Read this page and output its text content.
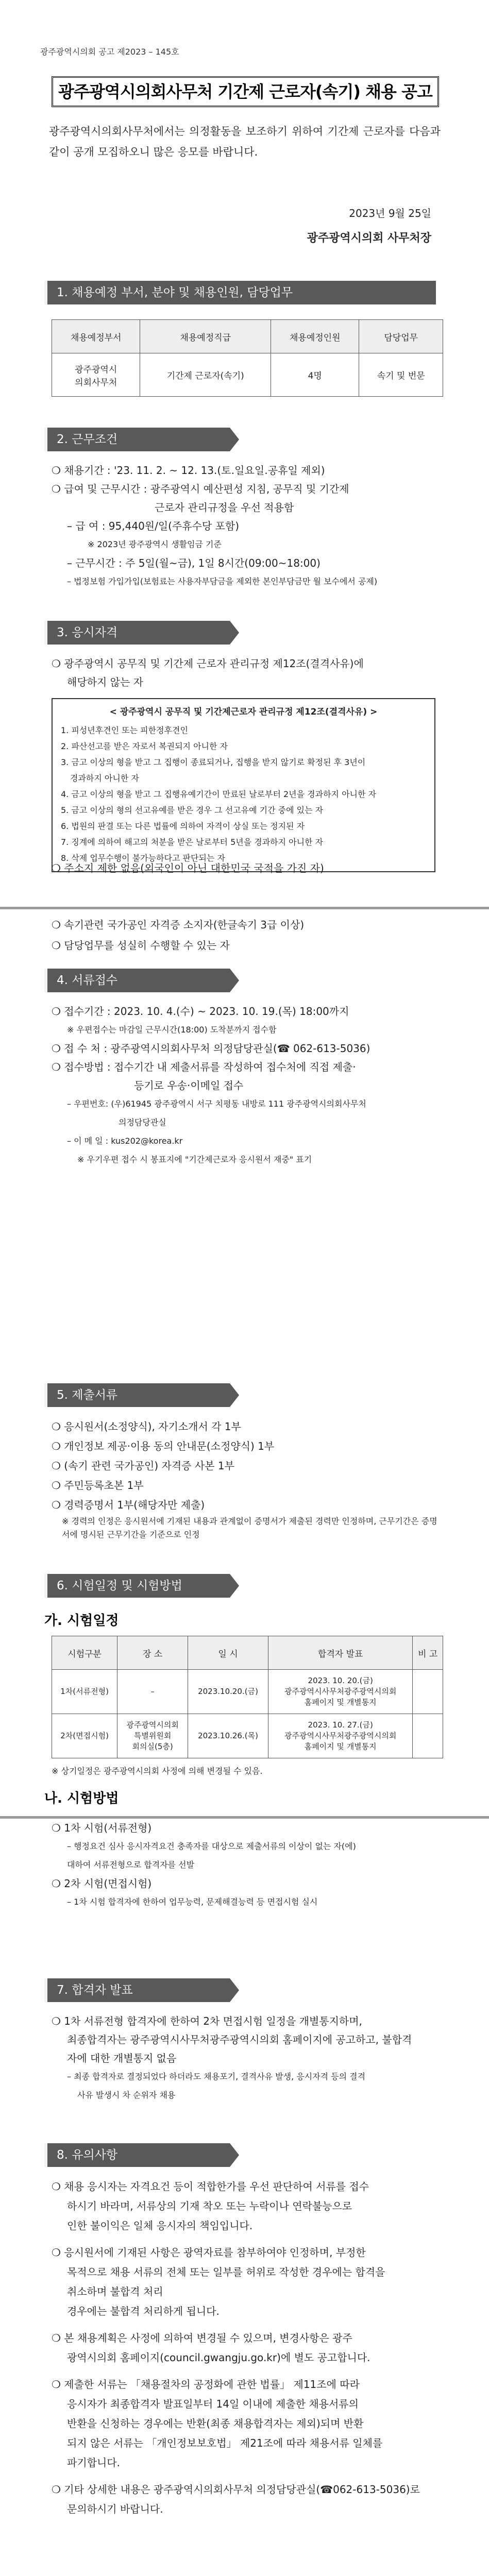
광주광역시의회 공고 제2023 – 145호
광주광역시의회사무처 기간제 근로자(속기) 채용 공고
광주광역시의회사무처에서는 의정활동을 보조하기 위하여 기간제 근로자를 다음과 같이 공개 모집하오니 많은 응모를 바랍니다.
2023년 9월 25일
광주광역시의회 사무처장
1. 채용예정 부서, 분야 및 채용인원, 담당업무
채용예정부서	채용예정직급	채용예정인원	담당업무
광주광역시
의회사무처	기간제 근로자(속기)	4명	속기 및 번문
2. 근무조건

❍ 채용기간 : '23. 11. 2. ~ 12. 13.(토․일요일․공휴일 제외)

❍ 급여 및 근무시간 : 광주광역시 예산편성 지침, 공무직 및 기간제

근로자 관리규정을 우선 적용함

– 급 여 : 95,440원/일(주휴수당 포함)

※ 2023년 광주광역시 생활임금 기준

– 근무시간 : 주 5일(월~금), 1일 8시간(09:00~18:00)

– 법정보험 가입가입(보험료는 사용자부담금을 제외한 본인부담금만 월 보수에서 공제)

3. 응시자격

❍ 광주광역시 공무직 및 기간제 근로자 관리규정 제12조(결격사유)에

해당하지 않는 자

< 광주광역시 공무직 및 기간제근로자 관리규정 제12조(결격사유) >
1. 피성년후견인 또는 피한정후견인
2. 파산선고를 받은 자로서 복권되지 아니한 자
3. 금고 이상의 형을 받고 그 집행이 종료되거나, 집행을 받지 않기로 확정된 후 3년이
경과하지 아니한 자
4. 금고 이상의 형을 받고 그 집행유예기간이 만료된 날로부터 2년을 경과하지 아니한 자
5. 금고 이상의 형의 선고유예를 받은 경우 그 선고유예 기간 중에 있는 자
6. 법원의 판결 또는 다른 법률에 의하여 자격이 상실 또는 정지된 자
7. 징계에 의하여 해고의 처분을 받은 날로부터 5년을 경과하지 아니한 자
8. 삭제 업무수행이 불가능하다고 판단되는 자

❍ 주소지 제한 없음(외국인이 아닌 대한민국 국적을 가진 자)

❍ 속기관련 국가공인 자격증 소지자(한글속기 3급 이상)

❍ 담당업무를 성실히 수행할 수 있는 자

4. 서류접수

❍ 접수기간 : 2023. 10. 4.(수) ~ 2023. 10. 19.(목) 18:00까지

※ 우편접수는 마감일 근무시간(18:00) 도착분까지 접수함

❍ 접 수 처 : 광주광역시의회사무처 의정담당관실(☎ 062-613-5036)

❍ 접수방법 : 접수기간 내 제출서류를 작성하여 접수처에 직접 제출·

등기로 우송·이메일 접수

– 우편번호: (우)61945 광주광역시 서구 치평동 내방로 111 광주광역시의회사무처

의정담당관실

– 이 메 일 : kus202@korea.kr

※ 우기우편 접수 시 봉표지에 "기간제근로자 응시원서 재중" 표기

5. 제출서류

❍ 응시원서(소정양식), 자기소개서 각 1부

❍ 개인정보 제공·이용 동의 안내문(소정양식) 1부

❍ (속기 관련 국가공인) 자격증 사본 1부

❍ 주민등록초본 1부

❍ 경력증명서 1부(해당자만 제출)

※ 경력의 인정은 응시원서에 기재된 내용과 관계없이 증명서가 제출된 경력만 인정하며, 근무기간은 증명서에 명시된 근무기간을 기준으로 인정

6. 시험일정 및 시험방법
가. 시험일정
시험구분	장 소	일 시	합격자 발표	비 고
1차(서류전형)	–	2023.10.20.(금)	2023. 10. 20.(금)
광주광역시사무처광주광역시의회
홈페이지 및 개별통지	
2차(면접시험)	광주광역시의회
특별위원회
회의실(5층)	2023.10.26.(목)	2023. 10. 27.(금)
광주광역시사무처광주광역시의회
홈페이지 및 개별통지	
※ 상기일정은 광주광역시의회 사정에 의해 변경될 수 있음.
나. 시험방법

❍ 1차 시험(서류전형)

– 행정요건 심사 응시자격요건 충족자를 대상으로 제출서류의 이상이 없는 자(에)

대하여 서류전형으로 합격자를 선발

❍ 2차 시험(면접시험)

– 1차 시험 합격자에 한하여 업무능력, 문제해결능력 등 면접시험 실시

7. 합격자 발표

❍ 1차 서류전형 합격자에 한하여 2차 면접시험 일정을 개별통지하며,

최종합격자는 광주광역시사무처광주광역시의회 홈페이지에 공고하고, 불합격

자에 대한 개별통지 없음

– 최종 합격자로 결정되었다 하더라도 채용포기, 결격사유 발생, 응시자격 등의 결격

사유 발생시 차 순위자 채용

8. 유의사항

❍ 채용 응시자는 자격요건 등이 적합한가를 우선 판단하여 서류를 접수

하시기 바라며, 서류상의 기재 착오 또는 누락이나 연락불능으로

인한 불이익은 일체 응시자의 책임입니다.

❍ 응시원서에 기재된 사항은 광역자료를 참부하여야 인정하며, 부정한

목적으로 채용 서류의 전체 또는 일부를 허위로 작성한 경우에는 합격을

취소하며 불합격 처리

경우에는 불합격 처리하게 됩니다.

❍ 본 채용계획은 사정에 의하여 변경될 수 있으며, 변경사항은 광주

광역시의회 홈페이지(council.gwangju.go.kr)에 별도 공고합니다.

❍ 제출한 서류는 「채용절차의 공정화에 관한 법률」 제11조에 따라

응시자가 최종합격자 발표일부터 14일 이내에 제출한 채용서류의

반환을 신청하는 경우에는 반환(최종 채용합격자는 제외)되며 반환

되지 않은 서류는 「개인정보보호법」 제21조에 따라 채용서류 일체를

파기합니다.

❍ 기타 상세한 내용은 광주광역시의회사무처 의정담당관실(☎062-613-5036)로

문의하시기 바랍니다.
